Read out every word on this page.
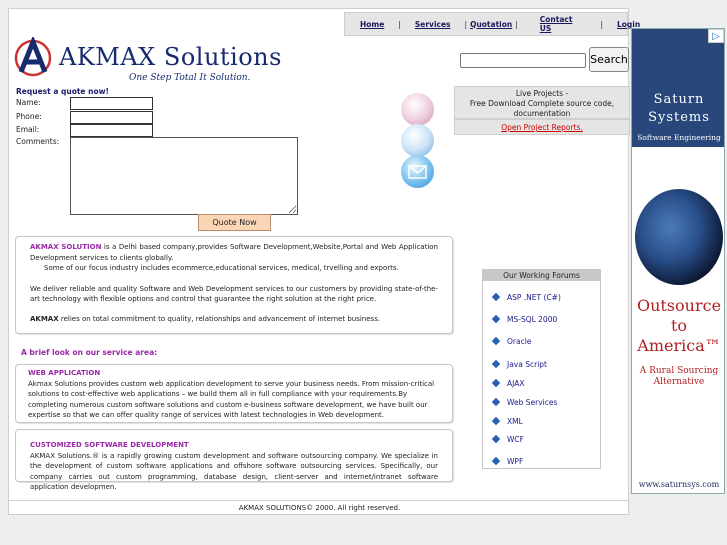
Home | Services | Quotation |	Contact US	| Login
AKMAX Solutions
One Step Total It Solution.
Search
Request a quote now!
Name:
Phone:
Email:
Comments:
Quote Now
Live Projects -
Free Download Complete source code,
documentation
Open Project Reports.
AKMAX SOLUTION is a Delhi based company,provides Software Development,Website,Portal and Web Application Development services to clients globally.
Some of our focus industry includes ecommerce,educational services, medical, trvelling and exports.
We deliver reliable and quality Software and Web Development services to our customers by providing state-of-the-art technology with flexible options and control that guarantee the right solution at the right price.
AKMAX relies on total commitment to quality, relationships and advancement of internet business.
A brief look on our service area:
WEB APPLICATION
Akmax Solutions provides custom web application development to serve your business needs. From mission-critical solutions to cost-effective web applications – we build them all in full compliance with your requirements.By completing numerous custom software solutions and custom e-business software development, we have built our expertise so that we can offer quality range of services with latest technologies in Web development.
CUSTOMIZED SOFTWARE DEVELOPMENT
AKMAX Solutions.® is a rapidly growing custom development and software outsourcing company. We specialize in the development of custom software applications and offshore software outsourcing services. Specifically, our company carries out custom programming, database design, client-server and internet/intranet software application developmen.
Our Working Forums
ASP .NET (C#)
MS-SQL 2000
Oracle
Java Script
AJAX
Web Services
XML
WCF
WPF
AKMAX SOLUTIONS© 2000. All right reserved.
Saturn
Systems
Software Engineering
Outsource
to
America™
A Rural Sourcing
Alternative
www.saturnsys.com
▷
